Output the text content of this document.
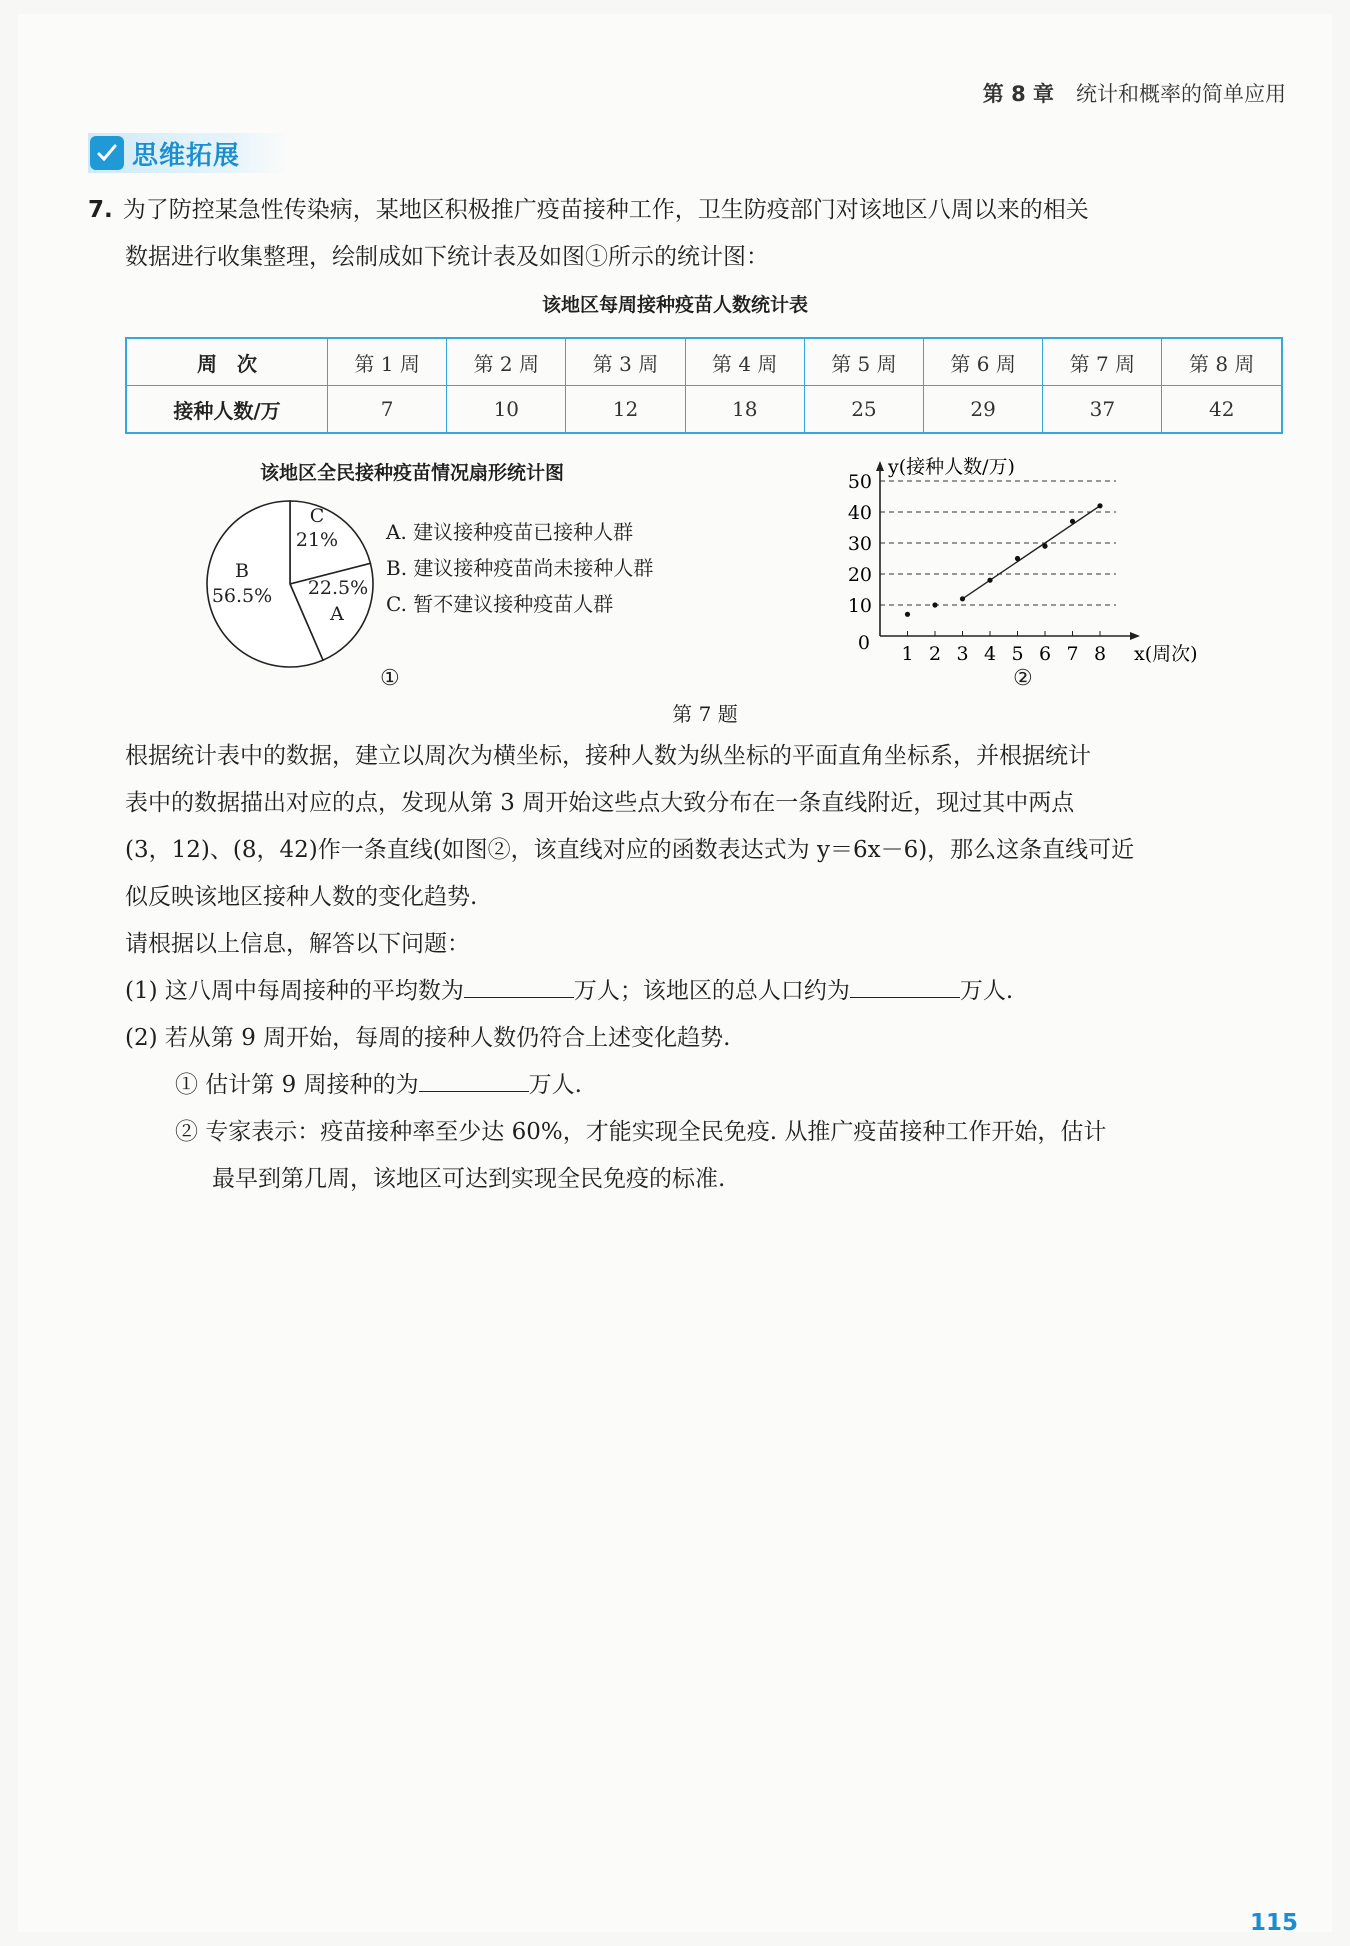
第 8 章 统计和概率的简单应用
思维拓展
7. 为了防控某急性传染病，某地区积极推广疫苗接种工作，卫生防疫部门对该地区八周以来的相关
数据进行收集整理，绘制成如下统计表及如图①所示的统计图：
该地区每周接种疫苗人数统计表
周　次	第 1 周	第 2 周	第 3 周	第 4 周	第 5 周	第 6 周	第 7 周	第 8 周
接种人数/万	7	10	12	18	25	29	37	42
该地区全民接种疫苗情况扇形统计图
22.5%
A
B
56.5%
C
21% A. 建议接种疫苗已接种人群
B. 建议接种疫苗尚未接种人群
C. 暂不建议接种疫苗人群
①
10
20
30
40
50
1 2 3 4 5 6 7 8
0	x(周次)
y(接种人数/万)
②
第 7 题
根据统计表中的数据，建立以周次为横坐标，接种人数为纵坐标的平面直角坐标系，并根据统计
表中的数据描出对应的点，发现从第 3 周开始这些点大致分布在一条直线附近，现过其中两点
(3，12)、(8，42)作一条直线(如图②，该直线对应的函数表达式为 y＝6x－6)，那么这条直线可近
似反映该地区接种人数的变化趋势.
请根据以上信息，解答以下问题：
(1) 这八周中每周接种的平均数为	万人；该地区的总人口约为	万人.
(2) 若从第 9 周开始，每周的接种人数仍符合上述变化趋势.
① 估计第 9 周接种的为	万人.
② 专家表示：疫苗接种率至少达 60%，才能实现全民免疫. 从推广疫苗接种工作开始，估计
最早到第几周，该地区可达到实现全民免疫的标准.
115
